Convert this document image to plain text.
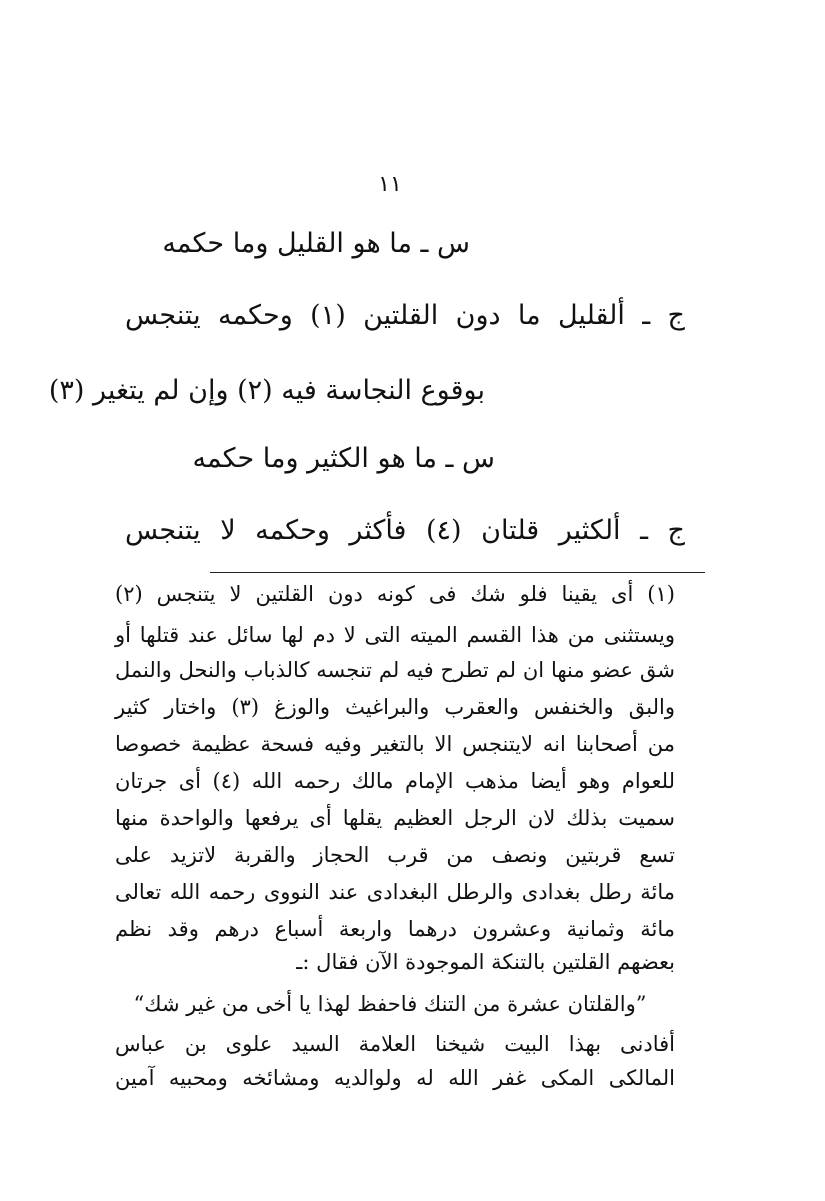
١١
س ـ ما هو القليل وما حكمه
ج ـ ألقليل ما دون القلتين (١) وحكمه يتنجس
بوقوع النجاسة فيه (٢) وإن لم يتغير (٣)
س ـ ما هو الكثير وما حكمه
ج ـ ألكثير قلتان (٤) فأكثر وحكمه لا يتنجس
(١) أى يقينا فلو شك فى كونه دون القلتين لا يتنجس (٢)
ويستثنى من هذا القسم الميته التى لا دم لها سائل عند قتلها أو
شق عضو منها ان لم تطرح فيه لم تنجسه كالذباب والنحل والنمل
والبق والخنفس والعقرب والبراغيث والوزغ (٣) واختار كثير
من أصحابنا انه لايتنجس الا بالتغير وفيه فسحة عظيمة خصوصا
للعوام وهو أيضا مذهب الإمام مالك رحمه الله (٤) أى جرتان
سميت بذلك لان الرجل العظيم يقلها أى يرفعها والواحدة منها
تسع قربتين ونصف من قرب الحجاز والقربة لاتزيد على
مائة رطل بغدادى والرطل البغدادى عند النووى رحمه الله تعالى
مائة وثمانية وعشرون درهما واربعة أسباع درهم وقد نظم
بعضهم القلتين بالتنكة الموجودة الآن فقال :ـ
”والقلتان عشرة من التنك فاحفظ لهذا يا أخى من غير شك“
أفادنى بهذا البيت شيخنا العلامة السيد علوى بن عباس
المالكى المكى غفر الله له ولوالديه ومشائخه ومحبيه آمين
